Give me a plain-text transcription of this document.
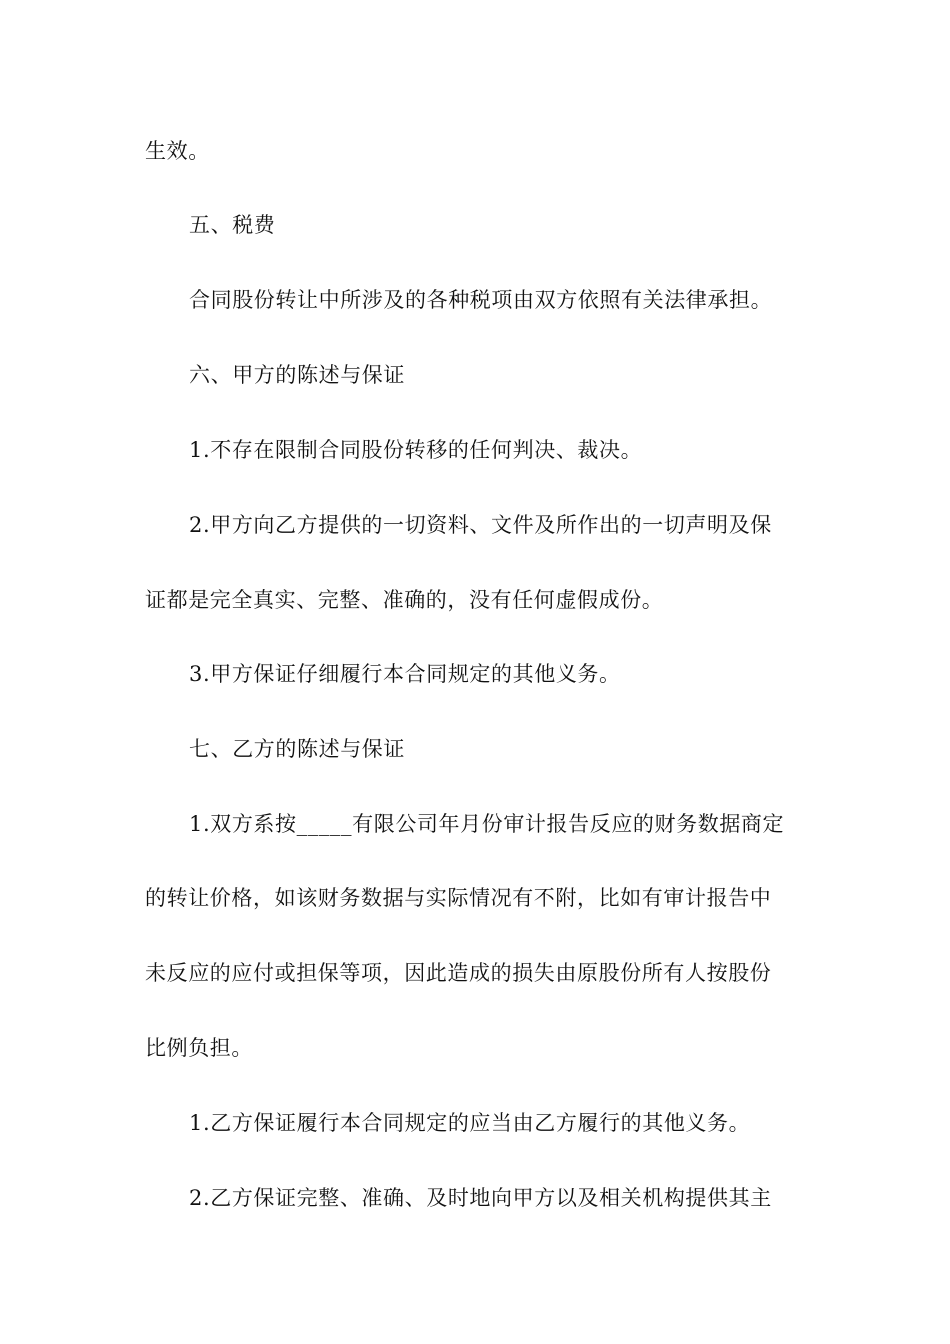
生效。

五、税费

合同股份转让中所涉及的各种税项由双方依照有关法律承担。

六、甲方的陈述与保证

1.不存在限制合同股份转移的任何判决、裁决。

2.甲方向乙方提供的一切资料、文件及所作出的一切声明及保

证都是完全真实、完整、准确的，没有任何虚假成份。

3.甲方保证仔细履行本合同规定的其他义务。

七、乙方的陈述与保证

1.双方系按_____有限公司年月份审计报告反应的财务数据商定

的转让价格，如该财务数据与实际情况有不附，比如有审计报告中

未反应的应付或担保等项，因此造成的损失由原股份所有人按股份

比例负担。

1.乙方保证履行本合同规定的应当由乙方履行的其他义务。

2.乙方保证完整、准确、及时地向甲方以及相关机构提供其主
